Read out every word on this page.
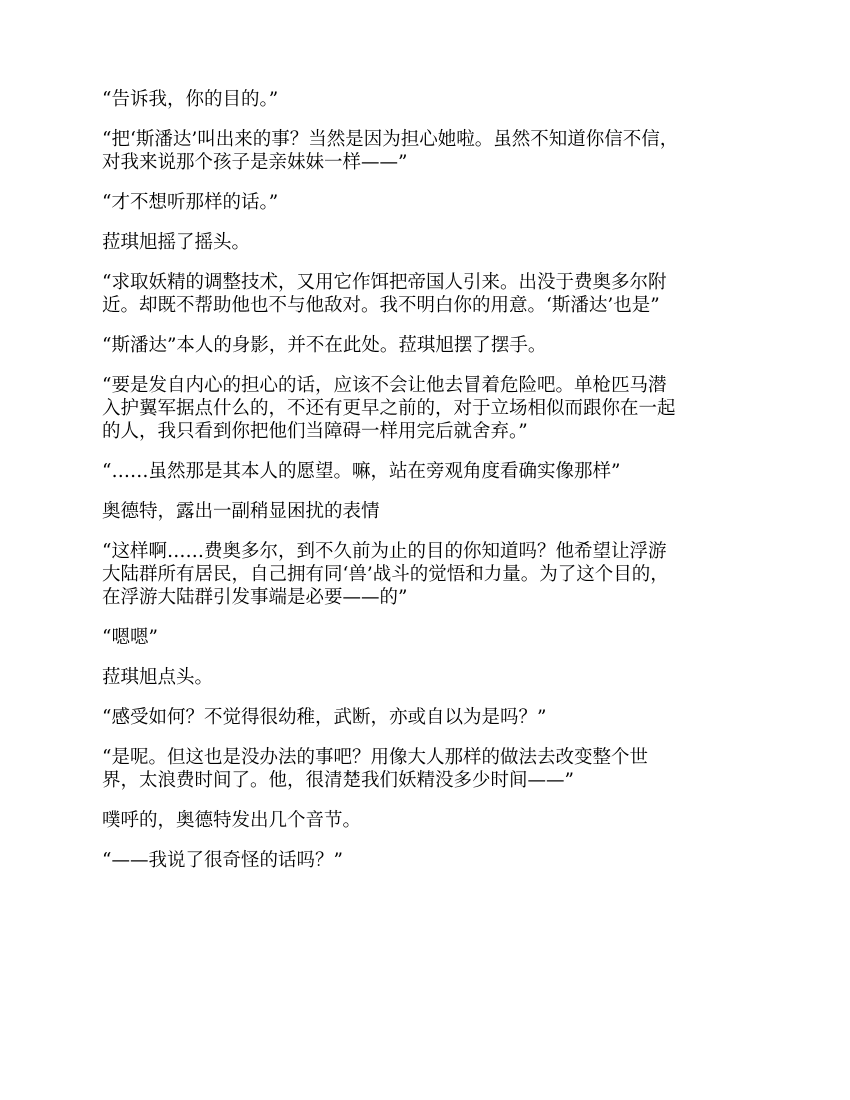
“告诉我，你的目的。”

“把‘斯潘达’叫出来的事？当然是因为担心她啦。虽然不知道你信不信，
对我来说那个孩子是亲妹妹一样——”

“才不想听那样的话。”

菈琪旭摇了摇头。

“求取妖精的调整技术，又用它作饵把帝国人引来。出没于费奥多尔附
近。却既不帮助他也不与他敌对。我不明白你的用意。‘斯潘达’也是”

“斯潘达”本人的身影，并不在此处。菈琪旭摆了摆手。

“要是发自内心的担心的话，应该不会让他去冒着危险吧。单枪匹马潜
入护翼军据点什么的，不还有更早之前的，对于立场相似而跟你在一起
的人，我只看到你把他们当障碍一样用完后就舍弃。”

“……虽然那是其本人的愿望。嘛，站在旁观角度看确实像那样”

奥德特，露出一副稍显困扰的表情

“这样啊……费奥多尔，到不久前为止的目的你知道吗？他希望让浮游
大陆群所有居民，自己拥有同‘兽’战斗的觉悟和力量。为了这个目的，
在浮游大陆群引发事端是必要——的”

“嗯嗯”

菈琪旭点头。

“感受如何？不觉得很幼稚，武断，亦或自以为是吗？”

“是呢。但这也是没办法的事吧？用像大人那样的做法去改变整个世
界，太浪费时间了。他，很清楚我们妖精没多少时间——”

噗呼的，奥德特发出几个音节。

“——我说了很奇怪的话吗？”
